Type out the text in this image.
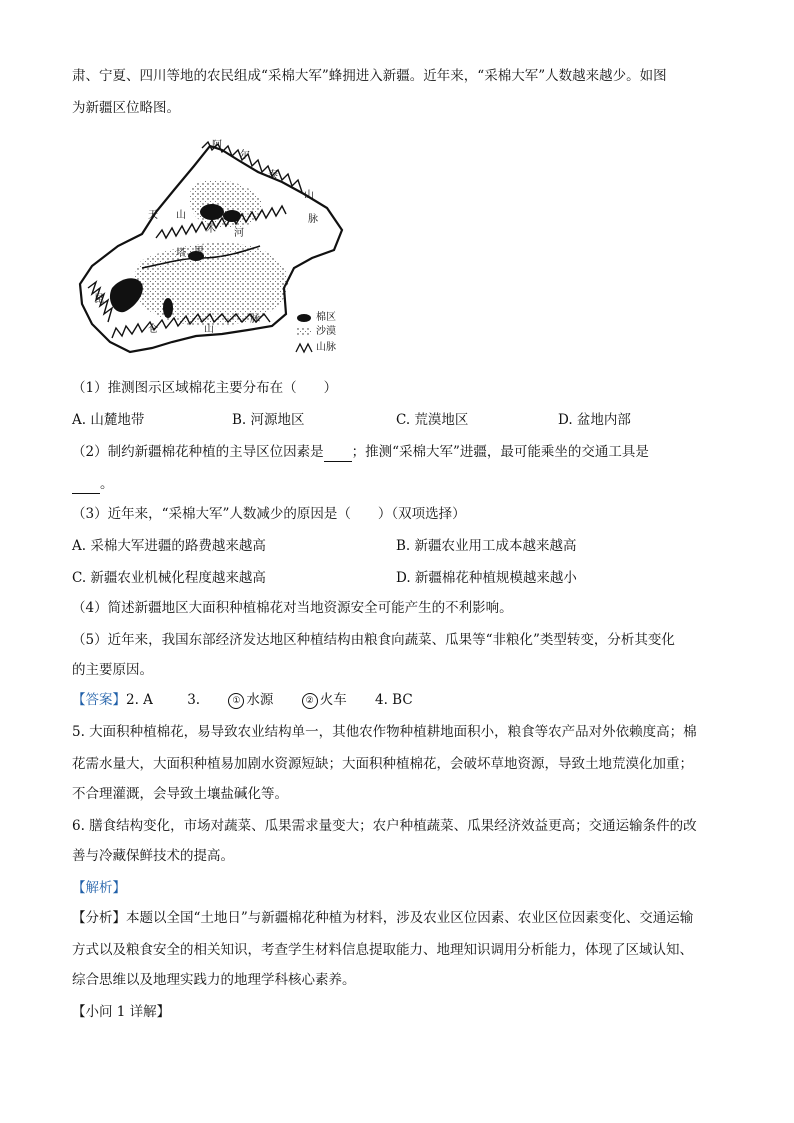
肃、宁夏、四川等地的农民组成“采棉大军”蜂拥进入新疆。近年来，“采棉大军”人数越来越少。如图
为新疆区位略图。
阿
尔
泰
山
脉
天 山
塔 里
木 河
昆
仑	山
脉	棉区
沙漠
山脉
（1）推测图示区域棉花主要分布在（　　）
A. 山麓地带	B. 河源地区	C. 荒漠地区	D. 盆地内部
（2）制约新疆棉花种植的主导区位因素是 ；推测“采棉大军”进疆，最可能乘坐的交通工具是
。
（3）近年来，“采棉大军”人数减少的原因是（　　）（双项选择）
A. 采棉大军进疆的路费越来越高	B. 新疆农业用工成本越来越高
C. 新疆农业机械化程度越来越高	D. 新疆棉花种植规模越来越小
（4）简述新疆地区大面积种植棉花对当地资源安全可能产生的不利影响。
（5）近年来，我国东部经济发达地区种植结构由粮食向蔬菜、瓜果等“非粮化”类型转变，分析其变化
的主要原因。
【答案】2. A	3.	① 水源	② 火车 4. BC
5. 大面积种植棉花，易导致农业结构单一，其他农作物种植耕地面积小，粮食等农产品对外依赖度高；棉
花需水量大，大面积种植易加剧水资源短缺；大面积种植棉花，会破坏草地资源，导致土地荒漠化加重；
不合理灌溉，会导致土壤盐碱化等。
6. 膳食结构变化，市场对蔬菜、瓜果需求量变大；农户种植蔬菜、瓜果经济效益更高；交通运输条件的改
善与冷藏保鲜技术的提高。
【解析】
【分析】本题以全国“土地日”与新疆棉花种植为材料，涉及农业区位因素、农业区位因素变化、交通运输
方式以及粮食安全的相关知识，考查学生材料信息提取能力、地理知识调用分析能力，体现了区域认知、
综合思维以及地理实践力的地理学科核心素养。
【小问 1 详解】
